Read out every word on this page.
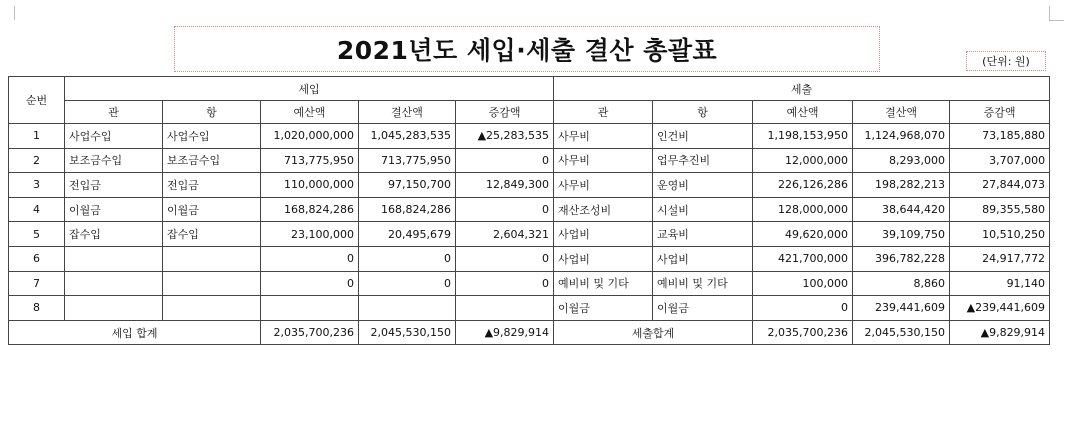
2021년도 세입·세출 결산 총괄표	(단위: 원)
순번	세입					세출				
	관	항	예산액	결산액	증감액	관	항	예산액	결산액	증감액
1	사업수입	사업수입	1,020,000,000	1,045,283,535	▲25,283,535	사무비	인건비	1,198,153,950	1,124,968,070	73,185,880
2	보조금수입	보조금수입	713,775,950	713,775,950	0	사무비	업무추진비	12,000,000	8,293,000	3,707,000
3	전입금	전입금	110,000,000	97,150,700	12,849,300	사무비	운영비	226,126,286	198,282,213	27,844,073
4	이월금	이월금	168,824,286	168,824,286	0	재산조성비	시설비	128,000,000	38,644,420	89,355,580
5	잡수입	잡수입	23,100,000	20,495,679	2,604,321	사업비	교육비	49,620,000	39,109,750	10,510,250
6			0	0	0	사업비	사업비	421,700,000	396,782,228	24,917,772
7			0	0	0	예비비 및 기타	예비비 및 기타	100,000	8,860	91,140
8						이월금	이월금	0	239,441,609	▲239,441,609
세입 합계			2,035,700,236	2,045,530,150	▲9,829,914	세출합계		2,035,700,236	2,045,530,150	▲9,829,914
